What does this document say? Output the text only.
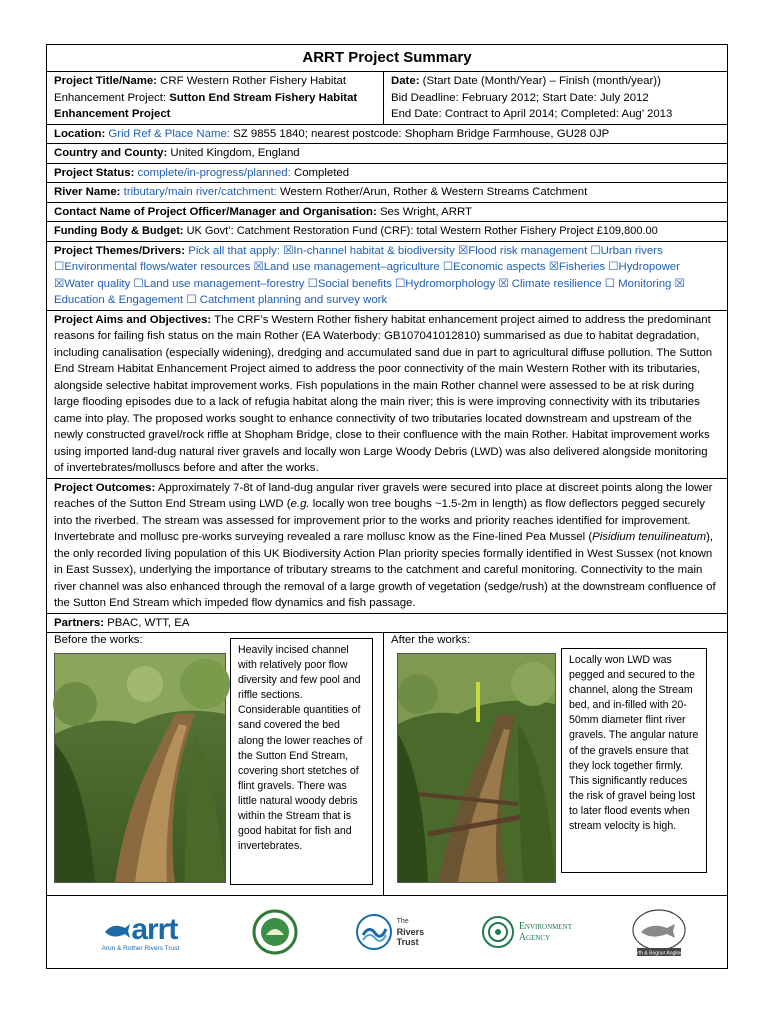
ARRT Project Summary
Project Title/Name: CRF Western Rother Fishery Habitat Enhancement Project: Sutton End Stream Fishery Habitat Enhancement Project
Date: (Start Date (Month/Year) – Finish (month/year))
Bid Deadline: February 2012; Start Date: July 2012
End Date: Contract to April 2014; Completed: Aug’ 2013
Location: Grid Ref & Place Name: SZ 9855 1840; nearest postcode: Shopham Bridge Farmhouse, GU28 0JP
Country and County: United Kingdom, England
Project Status: complete/in-progress/planned: Completed
River Name: tributary/main river/catchment: Western Rother/Arun, Rother & Western Streams Catchment
Contact Name of Project Officer/Manager and Organisation: Ses Wright, ARRT
Funding Body & Budget: UK Govt’: Catchment Restoration Fund (CRF): total Western Rother Fishery Project £109,800.00
Project Themes/Drivers: Pick all that apply: ☒In-channel habitat & biodiversity ☒Flood risk management ☐Urban rivers ☐Environmental flows/water resources ☒Land use management–agriculture ☐Economic aspects ☒Fisheries ☐Hydropower ☒Water quality ☐Land use management–forestry ☐Social benefits ☐Hydromorphology ☒ Climate resilience ☐ Monitoring ☒ Education & Engagement ☐ Catchment planning and survey work
Project Aims and Objectives: The CRF’s Western Rother fishery habitat enhancement project aimed to address the predominant reasons for failing fish status on the main Rother (EA Waterbody: GB107041012810) summarised as due to habitat degradation, including canalisation (especially widening), dredging and accumulated sand due in part to agricultural diffuse pollution. The Sutton End Stream Habitat Enhancement Project aimed to address the poor connectivity of the main Western Rother with its tributaries, alongside selective habitat improvement works. Fish populations in the main Rother channel were assessed to be at risk during large flooding episodes due to a lack of refugia habitat along the main river; this is were improving connectivity with its tributaries came into play. The proposed works sought to enhance connectivity of two tributaries located downstream and upstream of the newly constructed gravel/rock riffle at Shopham Bridge, close to their confluence with the main Rother. Habitat improvement works using imported land-dug natural river gravels and locally won Large Woody Debris (LWD) was also delivered alongside monitoring of invertebrates/molluscs before and after the works.
Project Outcomes: Approximately 7-8t of land-dug angular river gravels were secured into place at discreet points along the lower reaches of the Sutton End Stream using LWD (e.g. locally won tree boughs ~1.5-2m in length) as flow deflectors pegged securely into the riverbed. The stream was assessed for improvement prior to the works and priority reaches identified for improvement. Invertebrate and mollusc pre-works surveying revealed a rare mollusc know as the Fine-lined Pea Mussel (Pisidium tenuilineatum), the only recorded living population of this UK Biodiversity Action Plan priority species formally identified in West Sussex (not known in East Sussex), underlying the importance of tributary streams to the catchment and careful monitoring. Connectivity to the main river channel was also enhanced through the removal of a large growth of vegetation (sedge/rush) at the downstream confluence of the Sutton End Stream which impeded flow dynamics and fish passage.
Partners: PBAC, WTT, EA
Before the works:
Heavily incised channel with relatively poor flow diversity and few pool and riffle sections. Considerable quantities of sand covered the bed along the lower reaches of the Sutton End Stream, covering short stetches of flint gravels. There was little natural woody debris within the Stream that is good habitat for fish and invertebrates.
After the works:
Locally won LWD was pegged and secured to the channel, along the Stream bed, and in-filled with 20-50mm diameter flint river gravels. The angular nature of the gravels ensure that they lock together firmly. This significantly reduces the risk of gravel being lost to later flood events when stream velocity is high.
arrt
Arun & Rother Rivers Trust
The
Rivers
Trust
Environment
Agency
Petworth & Bognor Angling Club
